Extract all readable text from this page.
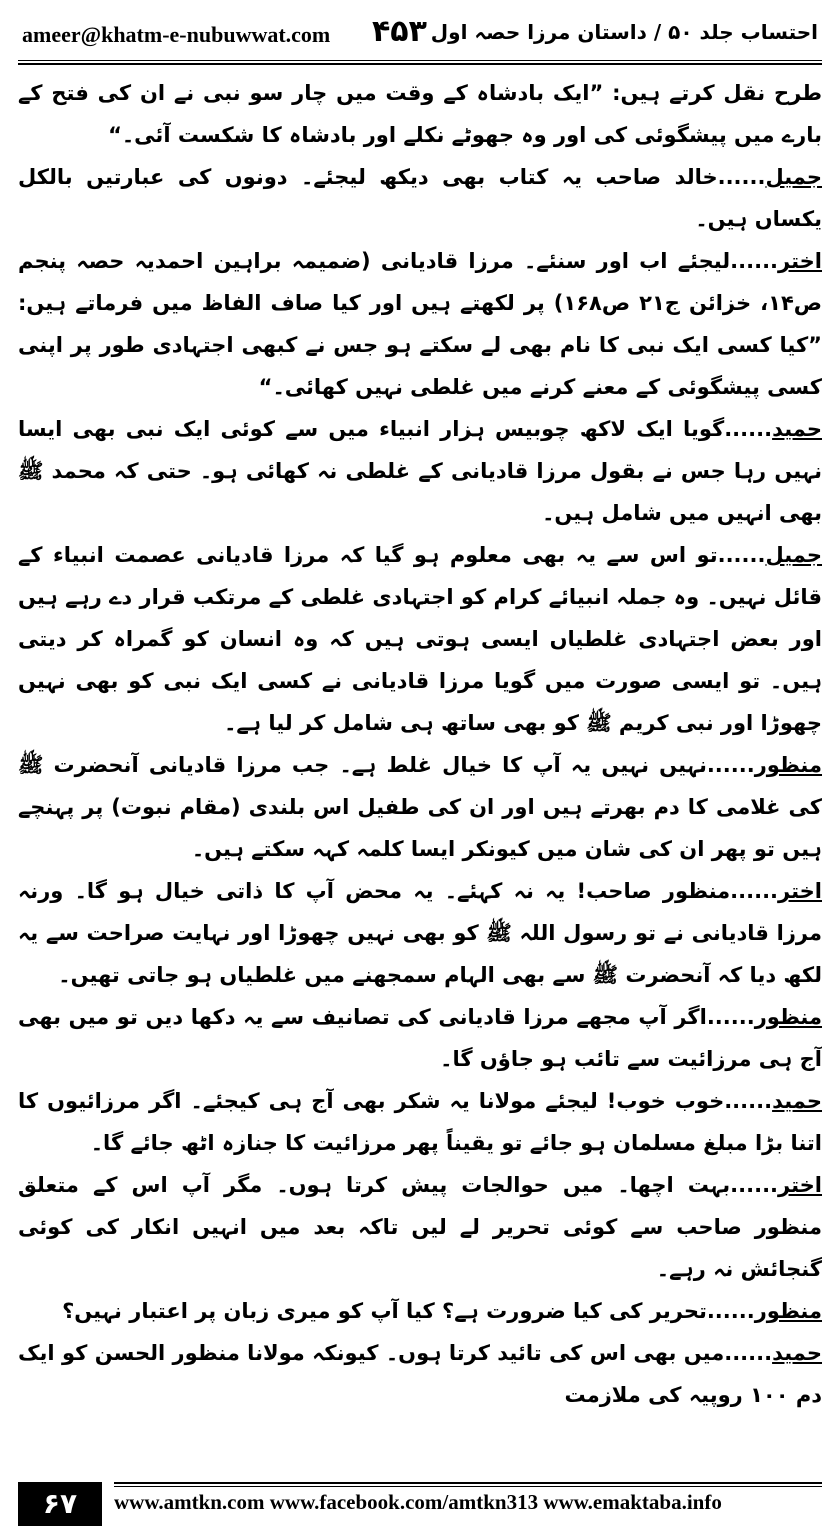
ameer@khatm-e-nubuwwat.com ۴۵۳ احتساب جلد ۵۰ / داستان مرزا حصہ اول

طرح نقل کرتے ہیں: ”ایک بادشاہ کے وقت میں چار سو نبی نے ان کی فتح کے بارے میں پیشگوئی کی اور وہ جھوٹے نکلے اور بادشاہ کا شکست آئی۔“

جمیل......خالد صاحب یہ کتاب بھی دیکھ لیجئے۔ دونوں کی عبارتیں بالکل یکساں ہیں۔

اختر......لیجئے اب اور سنئے۔ مرزا قادیانی (ضمیمہ براہین احمدیہ حصہ پنجم ص۱۴، خزائن ج۲۱ ص۱۶۸) پر لکھتے ہیں اور کیا صاف الفاظ میں فرماتے ہیں: ”کیا کسی ایک نبی کا نام بھی لے سکتے ہو جس نے کبھی اجتہادی طور پر اپنی کسی پیشگوئی کے معنے کرنے میں غلطی نہیں کھائی۔“

حمید......گویا ایک لاکھ چوبیس ہزار انبیاء میں سے کوئی ایک نبی بھی ایسا نہیں رہا جس نے بقول مرزا قادیانی کے غلطی نہ کھائی ہو۔ حتی کہ محمد ﷺ بھی انہیں میں شامل ہیں۔

جمیل......تو اس سے یہ بھی معلوم ہو گیا کہ مرزا قادیانی عصمت انبیاء کے قائل نہیں۔ وہ جملہ انبیائے کرام کو اجتہادی غلطی کے مرتکب قرار دے رہے ہیں اور بعض اجتہادی غلطیاں ایسی ہوتی ہیں کہ وہ انسان کو گمراہ کر دیتی ہیں۔ تو ایسی صورت میں گویا مرزا قادیانی نے کسی ایک نبی کو بھی نہیں چھوڑا اور نبی کریم ﷺ کو بھی ساتھ ہی شامل کر لیا ہے۔

منظور......نہیں نہیں یہ آپ کا خیال غلط ہے۔ جب مرزا قادیانی آنحضرت ﷺ کی غلامی کا دم بھرتے ہیں اور ان کی طفیل اس بلندی (مقام نبوت) پر پہنچے ہیں تو پھر ان کی شان میں کیونکر ایسا کلمہ کہہ سکتے ہیں۔

اختر......منظور صاحب! یہ نہ کہئے۔ یہ محض آپ کا ذاتی خیال ہو گا۔ ورنہ مرزا قادیانی نے تو رسول اللہ ﷺ کو بھی نہیں چھوڑا اور نہایت صراحت سے یہ لکھ دیا کہ آنحضرت ﷺ سے بھی الہام سمجھنے میں غلطیاں ہو جاتی تھیں۔

منظور......اگر آپ مجھے مرزا قادیانی کی تصانیف سے یہ دکھا دیں تو میں بھی آج ہی مرزائیت سے تائب ہو جاؤں گا۔

حمید......خوب خوب! لیجئے مولانا یہ شکر بھی آج ہی کیجئے۔ اگر مرزائیوں کا اتنا بڑا مبلغ مسلمان ہو جائے تو یقیناً پھر مرزائیت کا جنازہ اٹھ جائے گا۔

اختر......بہت اچھا۔ میں حوالجات پیش کرتا ہوں۔ مگر آپ اس کے متعلق منظور صاحب سے کوئی تحریر لے لیں تاکہ بعد میں انہیں انکار کی کوئی گنجائش نہ رہے۔

منظور......تحریر کی کیا ضرورت ہے؟ کیا آپ کو میری زبان پر اعتبار نہیں؟

حمید......میں بھی اس کی تائید کرتا ہوں۔ کیونکہ مولانا منظور الحسن کو ایک دم ۱۰۰ روپیہ کی ملازمت

۶۷	www.amtkn.com www.facebook.com/amtkn313 www.emaktaba.info
